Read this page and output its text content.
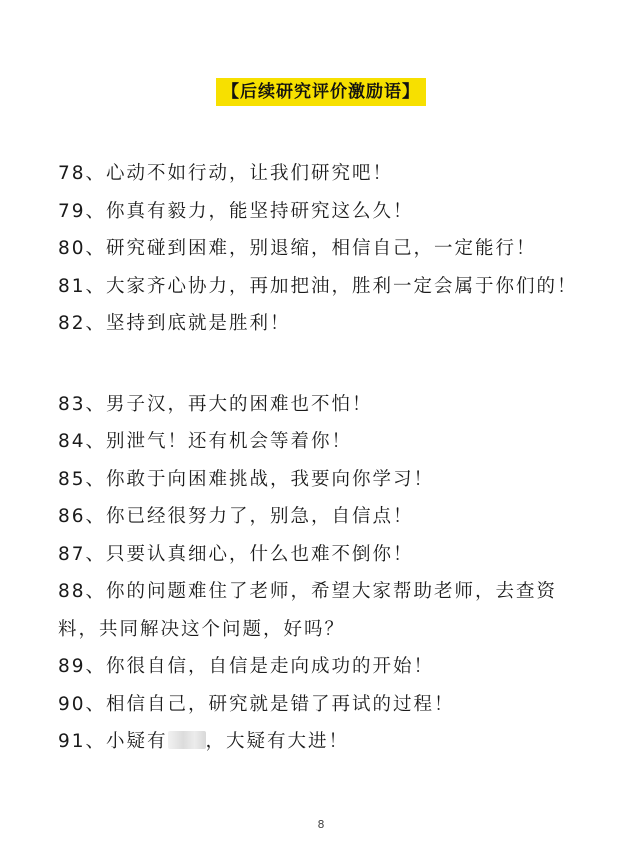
【后续研究评价激励语】
78、心动不如行动，让我们研究吧！
79、你真有毅力，能坚持研究这么久！
80、研究碰到困难，别退缩，相信自己，一定能行！
81、大家齐心协力，再加把油，胜利一定会属于你们的！
82、坚持到底就是胜利！
83、男子汉，再大的困难也不怕！
84、别泄气！还有机会等着你！
85、你敢于向困难挑战，我要向你学习！
86、你已经很努力了，别急，自信点！
87、只要认真细心，什么也难不倒你！
88、你的问题难住了老师，希望大家帮助老师，去查资
料，共同解决这个问题，好吗？
89、你很自信，自信是走向成功的开始！
90、相信自己，研究就是错了再试的过程！
91、小疑有 ，大疑有大进！
8
